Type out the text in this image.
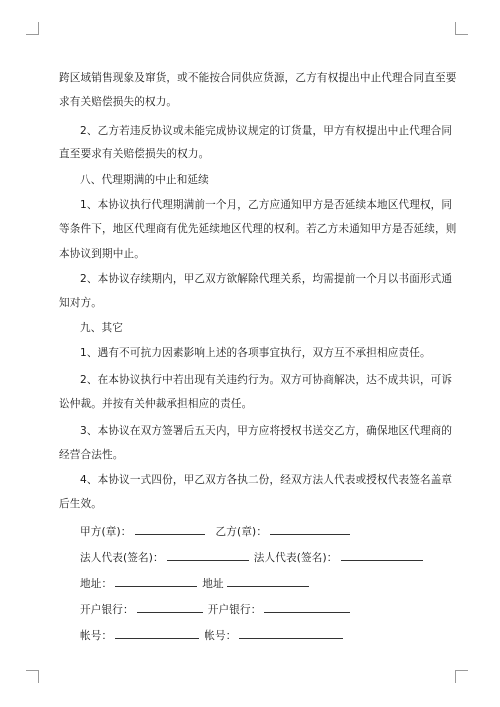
跨区域销售现象及窜货，或不能按合同供应货源，乙方有权提出中止代理合同直至要
求有关赔偿损失的权力。
2、乙方若违反协议或未能完成协议规定的订货量，甲方有权提出中止代理合同
直至要求有关赔偿损失的权力。
八、代理期满的中止和延续
1、本协议执行代理期满前一个月，乙方应通知甲方是否延续本地区代理权，同
等条件下，地区代理商有优先延续地区代理的权利。若乙方未通知甲方是否延续，则
本协议到期中止。
2、本协议存续期内，甲乙双方欲解除代理关系，均需提前一个月以书面形式通
知对方。
九、其它
1、遇有不可抗力因素影响上述的各项事宜执行，双方互不承担相应责任。
2、在本协议执行中若出现有关违约行为。双方可协商解决，达不成共识，可诉
讼仲裁。并按有关仲裁承担相应的责任。
3、本协议在双方签署后五天内，甲方应将授权书送交乙方，确保地区代理商的
经营合法性。
4、本协议一式四份，甲乙双方各执二份，经双方法人代表或授权代表签名盖章
后生效。
甲方(章)：	乙方(章)：
法人代表(签名)：	法人代表(签名)：
地址：	地址
开户银行：	开户银行：
帐号：	帐号：
